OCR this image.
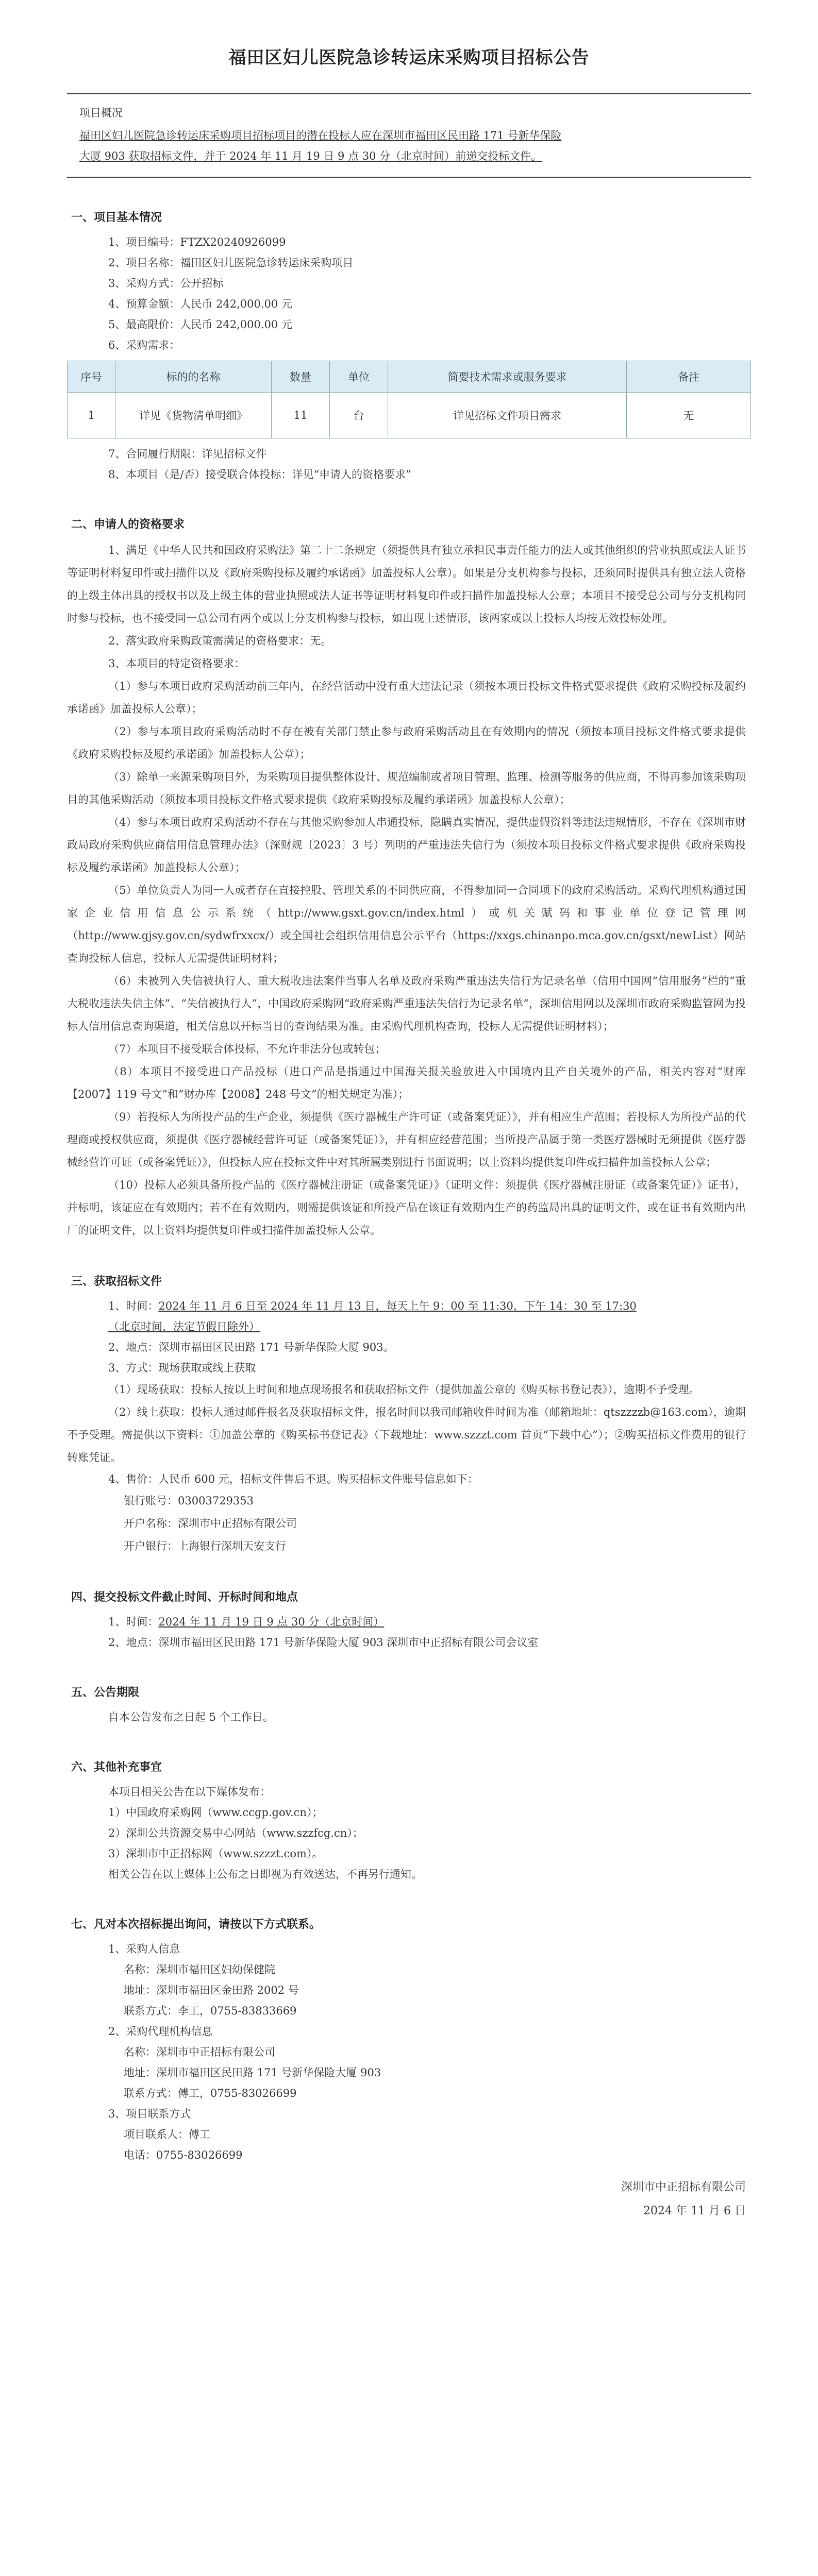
福田区妇儿医院急诊转运床采购项目招标公告
项目概况
福田区妇儿医院急诊转运床采购项目招标项目的潜在投标人应在深圳市福田区民田路 171 号新华保险
大厦 903 获取招标文件，并于 2024 年 11 月 19 日 9 点 30 分（北京时间）前递交投标文件。
一、项目基本情况
1、项目编号：FTZX20240926099
2、项目名称：福田区妇儿医院急诊转运床采购项目
3、采购方式：公开招标
4、预算金额：人民币 242,000.00 元
5、最高限价：人民币 242,000.00 元
6、采购需求：
序号	标的的名称	数量	单位	简要技术需求或服务要求	备注
1	详见《货物清单明细》	11	台	详见招标文件项目需求	无
7、合同履行期限：详见招标文件
8、本项目（是/否）接受联合体投标：详见“申请人的资格要求”
二、申请人的资格要求
1、满足《中华人民共和国政府采购法》第二十二条规定（须提供具有独立承担民事责任能力的法人或其他组织的营业执照或法人证书等证明材料复印件或扫描件以及《政府采购投标及履约承诺函》加盖投标人公章）。如果是分支机构参与投标，还须同时提供具有独立法人资格的上级主体出具的授权书以及上级主体的营业执照或法人证书等证明材料复印件或扫描件加盖投标人公章；本项目不接受总公司与分支机构同时参与投标，也不接受同一总公司有两个或以上分支机构参与投标，如出现上述情形，该两家或以上投标人均按无效投标处理。
2、落实政府采购政策需满足的资格要求：无。
3、本项目的特定资格要求：
（1）参与本项目政府采购活动前三年内，在经营活动中没有重大违法记录（须按本项目投标文件格式要求提供《政府采购投标及履约承诺函》加盖投标人公章）；
（2）参与本项目政府采购活动时不存在被有关部门禁止参与政府采购活动且在有效期内的情况（须按本项目投标文件格式要求提供《政府采购投标及履约承诺函》加盖投标人公章）；
（3）除单一来源采购项目外，为采购项目提供整体设计、规范编制或者项目管理、监理、检测等服务的供应商，不得再参加该采购项目的其他采购活动（须按本项目投标文件格式要求提供《政府采购投标及履约承诺函》加盖投标人公章）；
（4）参与本项目政府采购活动不存在与其他采购参加人串通投标，隐瞒真实情况，提供虚假资料等违法违规情形，不存在《深圳市财政局政府采购供应商信用信息管理办法》（深财规〔2023〕3 号）列明的严重违法失信行为（须按本项目投标文件格式要求提供《政府采购投标及履约承诺函》加盖投标人公章）；
（5）单位负责人为同一人或者存在直接控股、管理关系的不同供应商，不得参加同一合同项下的政府采购活动。采购代理机构通过国家企业信用信息公示系统（http://www.gsxt.gov.cn/index.html）或机关赋码和事业单位登记管理网（http://www.gjsy.gov.cn/sydwfrxxcx/）或全国社会组织信用信息公示平台（https://xxgs.chinanpo.mca.gov.cn/gsxt/newList）网站查询投标人信息，投标人无需提供证明材料；
（6）未被列入失信被执行人、重大税收违法案件当事人名单及政府采购严重违法失信行为记录名单（信用中国网“信用服务”栏的“重大税收违法失信主体”、“失信被执行人”，中国政府采购网“政府采购严重违法失信行为记录名单”，深圳信用网以及深圳市政府采购监管网为投标人信用信息查询渠道，相关信息以开标当日的查询结果为准。由采购代理机构查询，投标人无需提供证明材料）；
（7）本项目不接受联合体投标，不允许非法分包或转包；
（8）本项目不接受进口产品投标（进口产品是指通过中国海关报关验放进入中国境内且产自关境外的产品，相关内容对“财库【2007】119 号文”和“财办库【2008】248 号文”的相关规定为准）；
（9）若投标人为所投产品的生产企业，须提供《医疗器械生产许可证（或备案凭证）》，并有相应生产范围；若投标人为所投产品的代理商或授权供应商，须提供《医疗器械经营许可证（或备案凭证）》，并有相应经营范围；当所投产品属于第一类医疗器械时无须提供《医疗器械经营许可证（或备案凭证）》，但投标人应在投标文件中对其所属类别进行书面说明；以上资料均提供复印件或扫描件加盖投标人公章；
（10）投标人必须具备所投产品的《医疗器械注册证（或备案凭证）》（证明文件：须提供《医疗器械注册证（或备案凭证）》证书），并标明，该证应在有效期内；若不在有效期内，则需提供该证和所投产品在该证有效期内生产的药监局出具的证明文件，或在证书有效期内出厂的证明文件，以上资料均提供复印件或扫描件加盖投标人公章。
三、获取招标文件
1、时间：2024 年 11 月 6 日至 2024 年 11 月 13 日，每天上午 9：00 至 11:30，下午 14：30 至 17:30
（北京时间，法定节假日除外）
2、地点：深圳市福田区民田路 171 号新华保险大厦 903。
3、方式：现场获取或线上获取
（1）现场获取：投标人按以上时间和地点现场报名和获取招标文件（提供加盖公章的《购买标书登记表》），逾期不予受理。
（2）线上获取：投标人通过邮件报名及获取招标文件，报名时间以我司邮箱收件时间为准（邮箱地址：qtszzzzb@163.com），逾期不予受理。需提供以下资料：①加盖公章的《购买标书登记表》（下载地址：www.szzzt.com 首页“下载中心”）；②购买招标文件费用的银行转账凭证。
4、售价：人民币 600 元，招标文件售后不退。购买招标文件账号信息如下：
银行账号：03003729353
开户名称：深圳市中正招标有限公司
开户银行：上海银行深圳天安支行
四、提交投标文件截止时间、开标时间和地点
1、时间：2024 年 11 月 19 日 9 点 30 分（北京时间）
2、地点：深圳市福田区民田路 171 号新华保险大厦 903 深圳市中正招标有限公司会议室
五、公告期限
自本公告发布之日起 5 个工作日。
六、其他补充事宜
本项目相关公告在以下媒体发布：
1）中国政府采购网（www.ccgp.gov.cn）；
2）深圳公共资源交易中心网站（www.szzfcg.cn）；
3）深圳市中正招标网（www.szzzt.com）。
相关公告在以上媒体上公布之日即视为有效送达，不再另行通知。
七、凡对本次招标提出询问，请按以下方式联系。
1、采购人信息
名称：深圳市福田区妇幼保健院
地址：深圳市福田区金田路 2002 号
联系方式：李工，0755-83833669
2、采购代理机构信息
名称：深圳市中正招标有限公司
地址：深圳市福田区民田路 171 号新华保险大厦 903
联系方式：傅工，0755-83026699
3、项目联系方式
项目联系人：傅工
电话：0755-83026699
深圳市中正招标有限公司
2024 年 11 月 6 日
